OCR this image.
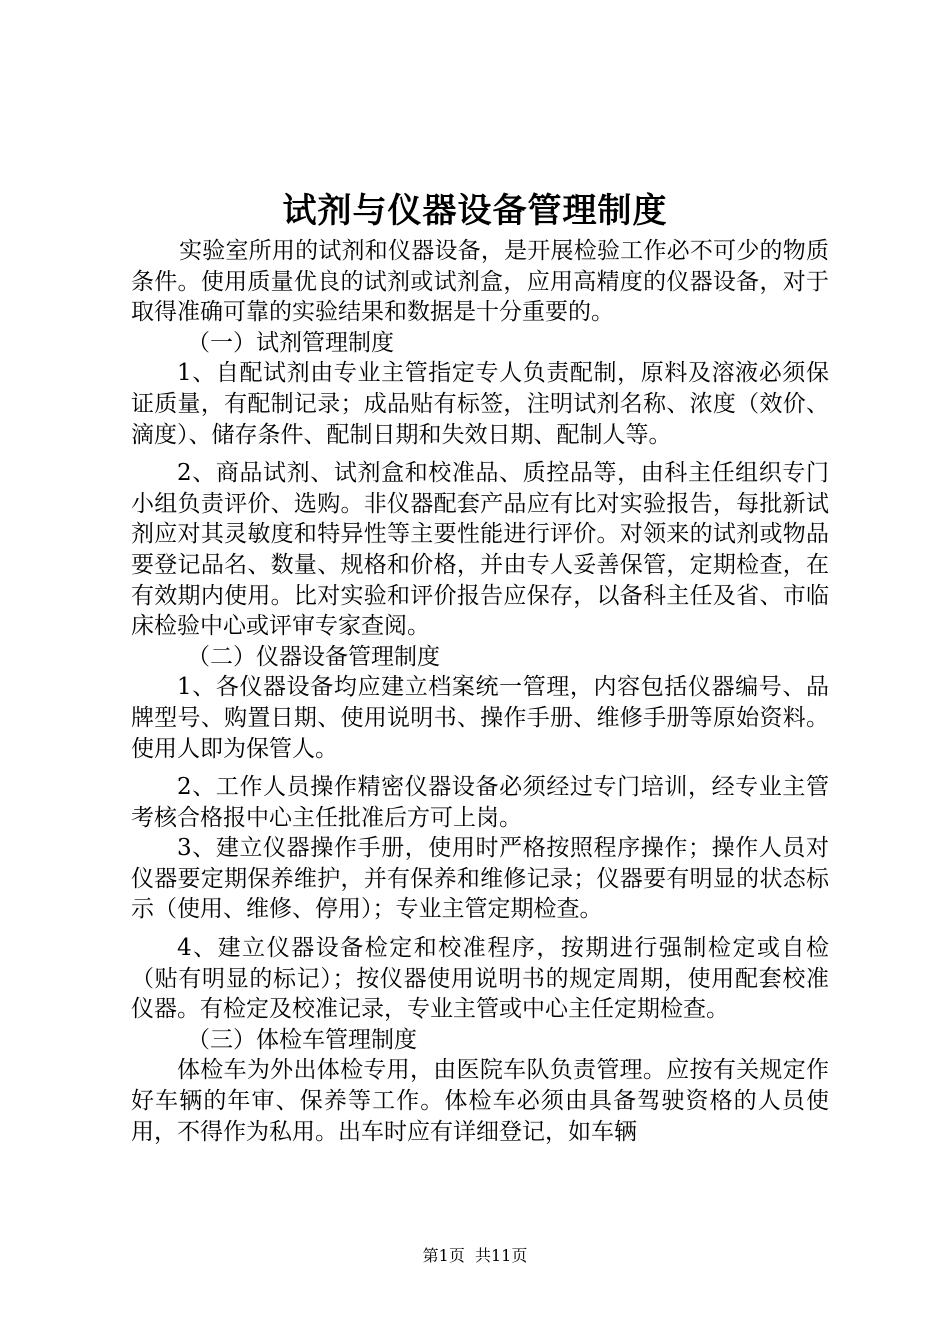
试剂与仪器设备管理制度

实验室所用的试剂和仪器设备，是开展检验工作必不可少的物质条件。使用质量优良的试剂或试剂盒，应用高精度的仪器设备，对于取得准确可靠的实验结果和数据是十分重要的。

（一）试剂管理制度

1、自配试剂由专业主管指定专人负责配制，原料及溶液必须保证质量，有配制记录；成品贴有标签，注明试剂名称、浓度（效价、滴度）、储存条件、配制日期和失效日期、配制人等。

2、商品试剂、试剂盒和校准品、质控品等，由科主任组织专门小组负责评价、选购。非仪器配套产品应有比对实验报告，每批新试剂应对其灵敏度和特异性等主要性能进行评价。对领来的试剂或物品要登记品名、数量、规格和价格，并由专人妥善保管，定期检查，在有效期内使用。比对实验和评价报告应保存，以备科主任及省、市临床检验中心或评审专家查阅。

（二）仪器设备管理制度

1、各仪器设备均应建立档案统一管理，内容包括仪器编号、品牌型号、购置日期、使用说明书、操作手册、维修手册等原始资料。使用人即为保管人。

2、工作人员操作精密仪器设备必须经过专门培训，经专业主管考核合格报中心主任批准后方可上岗。

3、建立仪器操作手册，使用时严格按照程序操作；操作人员对仪器要定期保养维护，并有保养和维修记录；仪器要有明显的状态标示（使用、维修、停用）；专业主管定期检查。

4、建立仪器设备检定和校准程序，按期进行强制检定或自检（贴有明显的标记）；按仪器使用说明书的规定周期，使用配套校准仪器。有检定及校准记录，专业主管或中心主任定期检查。

（三）体检车管理制度

体检车为外出体检专用，由医院车队负责管理。应按有关规定作好车辆的年审、保养等工作。体检车必须由具备驾驶资格的人员使用，不得作为私用。出车时应有详细登记，如车辆

第1页  共11页
